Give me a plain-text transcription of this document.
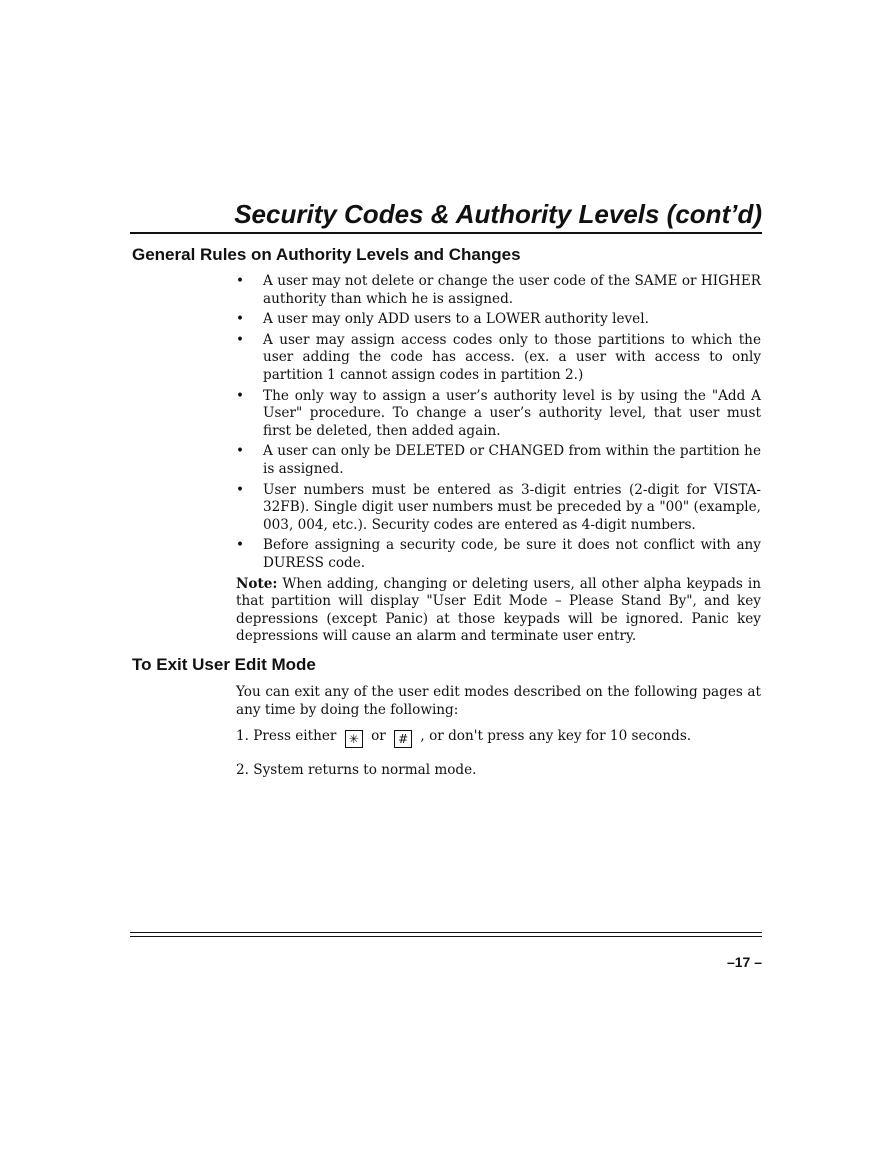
Security Codes & Authority Levels (cont’d)
General Rules on Authority Levels and Changes
• A user may not delete or change the user code of the SAME or HIGHER authority than which he is assigned.
• A user may only ADD users to a LOWER authority level.
• A user may assign access codes only to those partitions to which the user adding the code has access. (ex. a user with access to only partition 1 cannot assign codes in partition 2.)
• The only way to assign a user’s authority level is by using the "Add A User" procedure. To change a user’s authority level, that user must first be deleted, then added again.
• A user can only be DELETED or CHANGED from within the partition he is assigned.
• User numbers must be entered as 3-digit entries (2-digit for VISTA-32FB). Single digit user numbers must be preceded by a "00" (example, 003, 004, etc.). Security codes are entered as 4-digit numbers.
• Before assigning a security code, be sure it does not conflict with any DURESS code.

Note: When adding, changing or deleting users, all other alpha keypads in that partition will display "User Edit Mode – Please Stand By", and key depressions (except Panic) at those keypads will be ignored. Panic key depressions will cause an alarm and terminate user entry.

To Exit User Edit Mode

You can exit any of the user edit modes described on the following pages at any time by doing the following:

1. Press either ✳ or # , or don't press any key for 10 seconds.

2. System returns to normal mode.

–17 –
